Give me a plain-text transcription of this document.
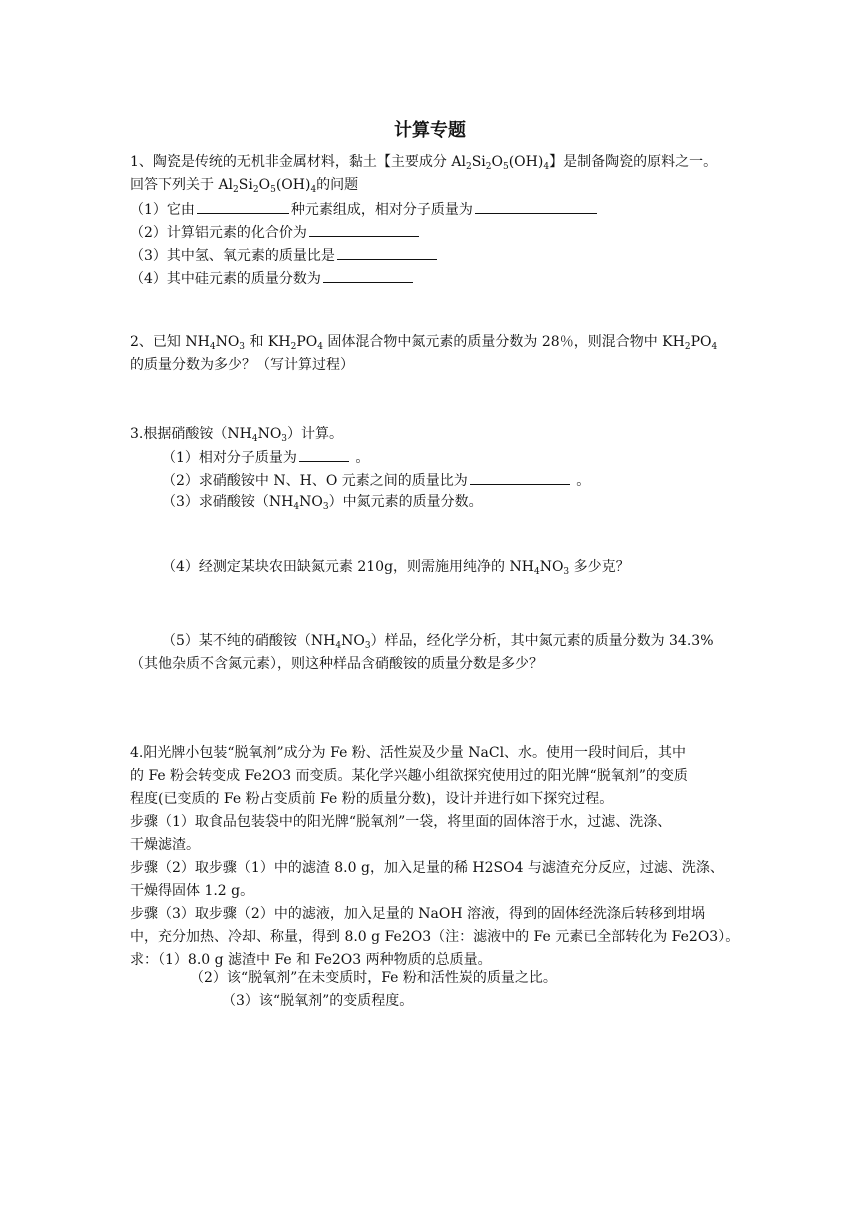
计算专题
1、陶瓷是传统的无机非金属材料，黏土【主要成分 $Al_2Si_2O_5(OH)_4$】是制备陶瓷的原料之一。
回答下列关于 $Al_2Si_2O_5(OH)_4$的问题
（1）它由	种元素组成，相对分子质量为
（2）计算铝元素的化合价为
（3）其中氢、氧元素的质量比是
（4）其中硅元素的质量分数为
2、已知 $NH_4NO_3$ 和 $KH_2PO_4$ 固体混合物中氮元素的质量分数为 28％，则混合物中 $KH_2PO_4$
的质量分数为多少？（写计算过程）
3.根据硝酸铵$(NH_4NO_3)$计算。
（1）相对分子质量为	。
（2）求硝酸铵中 N、H、O 元素之间的质量比为	。
（3）求硝酸铵$(NH_4NO_3)$中氮元素的质量分数。
（4）经测定某块农田缺氮元素 210g，则需施用纯净的 $NH_4NO_3$ 多少克？
（5）某不纯的硝酸铵$(NH_4NO_3)$样品，经化学分析，其中氮元素的质量分数为 34.3%
（其他杂质不含氮元素），则这种样品含硝酸铵的质量分数是多少？
4.阳光牌小包装“脱氧剂”成分为 Fe 粉、活性炭及少量 NaCl、水。使用一段时间后，其中
的 Fe 粉会转变成 Fe2O3 而变质。某化学兴趣小组欲探究使用过的阳光牌“脱氧剂”的变质
程度(已变质的 Fe 粉占变质前 Fe 粉的质量分数)，设计并进行如下探究过程。
步骤（1）取食品包装袋中的阳光牌“脱氧剂”一袋，将里面的固体溶于水，过滤、洗涤、
干燥滤渣。
步骤（2）取步骤（1）中的滤渣 8.0 g，加入足量的稀 H2SO4 与滤渣充分反应，过滤、洗涤、
干燥得固体 1.2 g。
步骤（3）取步骤（2）中的滤液，加入足量的 NaOH 溶液，得到的固体经洗涤后转移到坩埚
中，充分加热、冷却、称量，得到 8.0 g Fe2O3（注：滤液中的 Fe 元素已全部转化为 Fe2O3）。
求：（1）8.0 g 滤渣中 Fe 和 Fe2O3 两种物质的总质量。
（2）该“脱氧剂”在未变质时，Fe 粉和活性炭的质量之比。
（3）该“脱氧剂”的变质程度。
